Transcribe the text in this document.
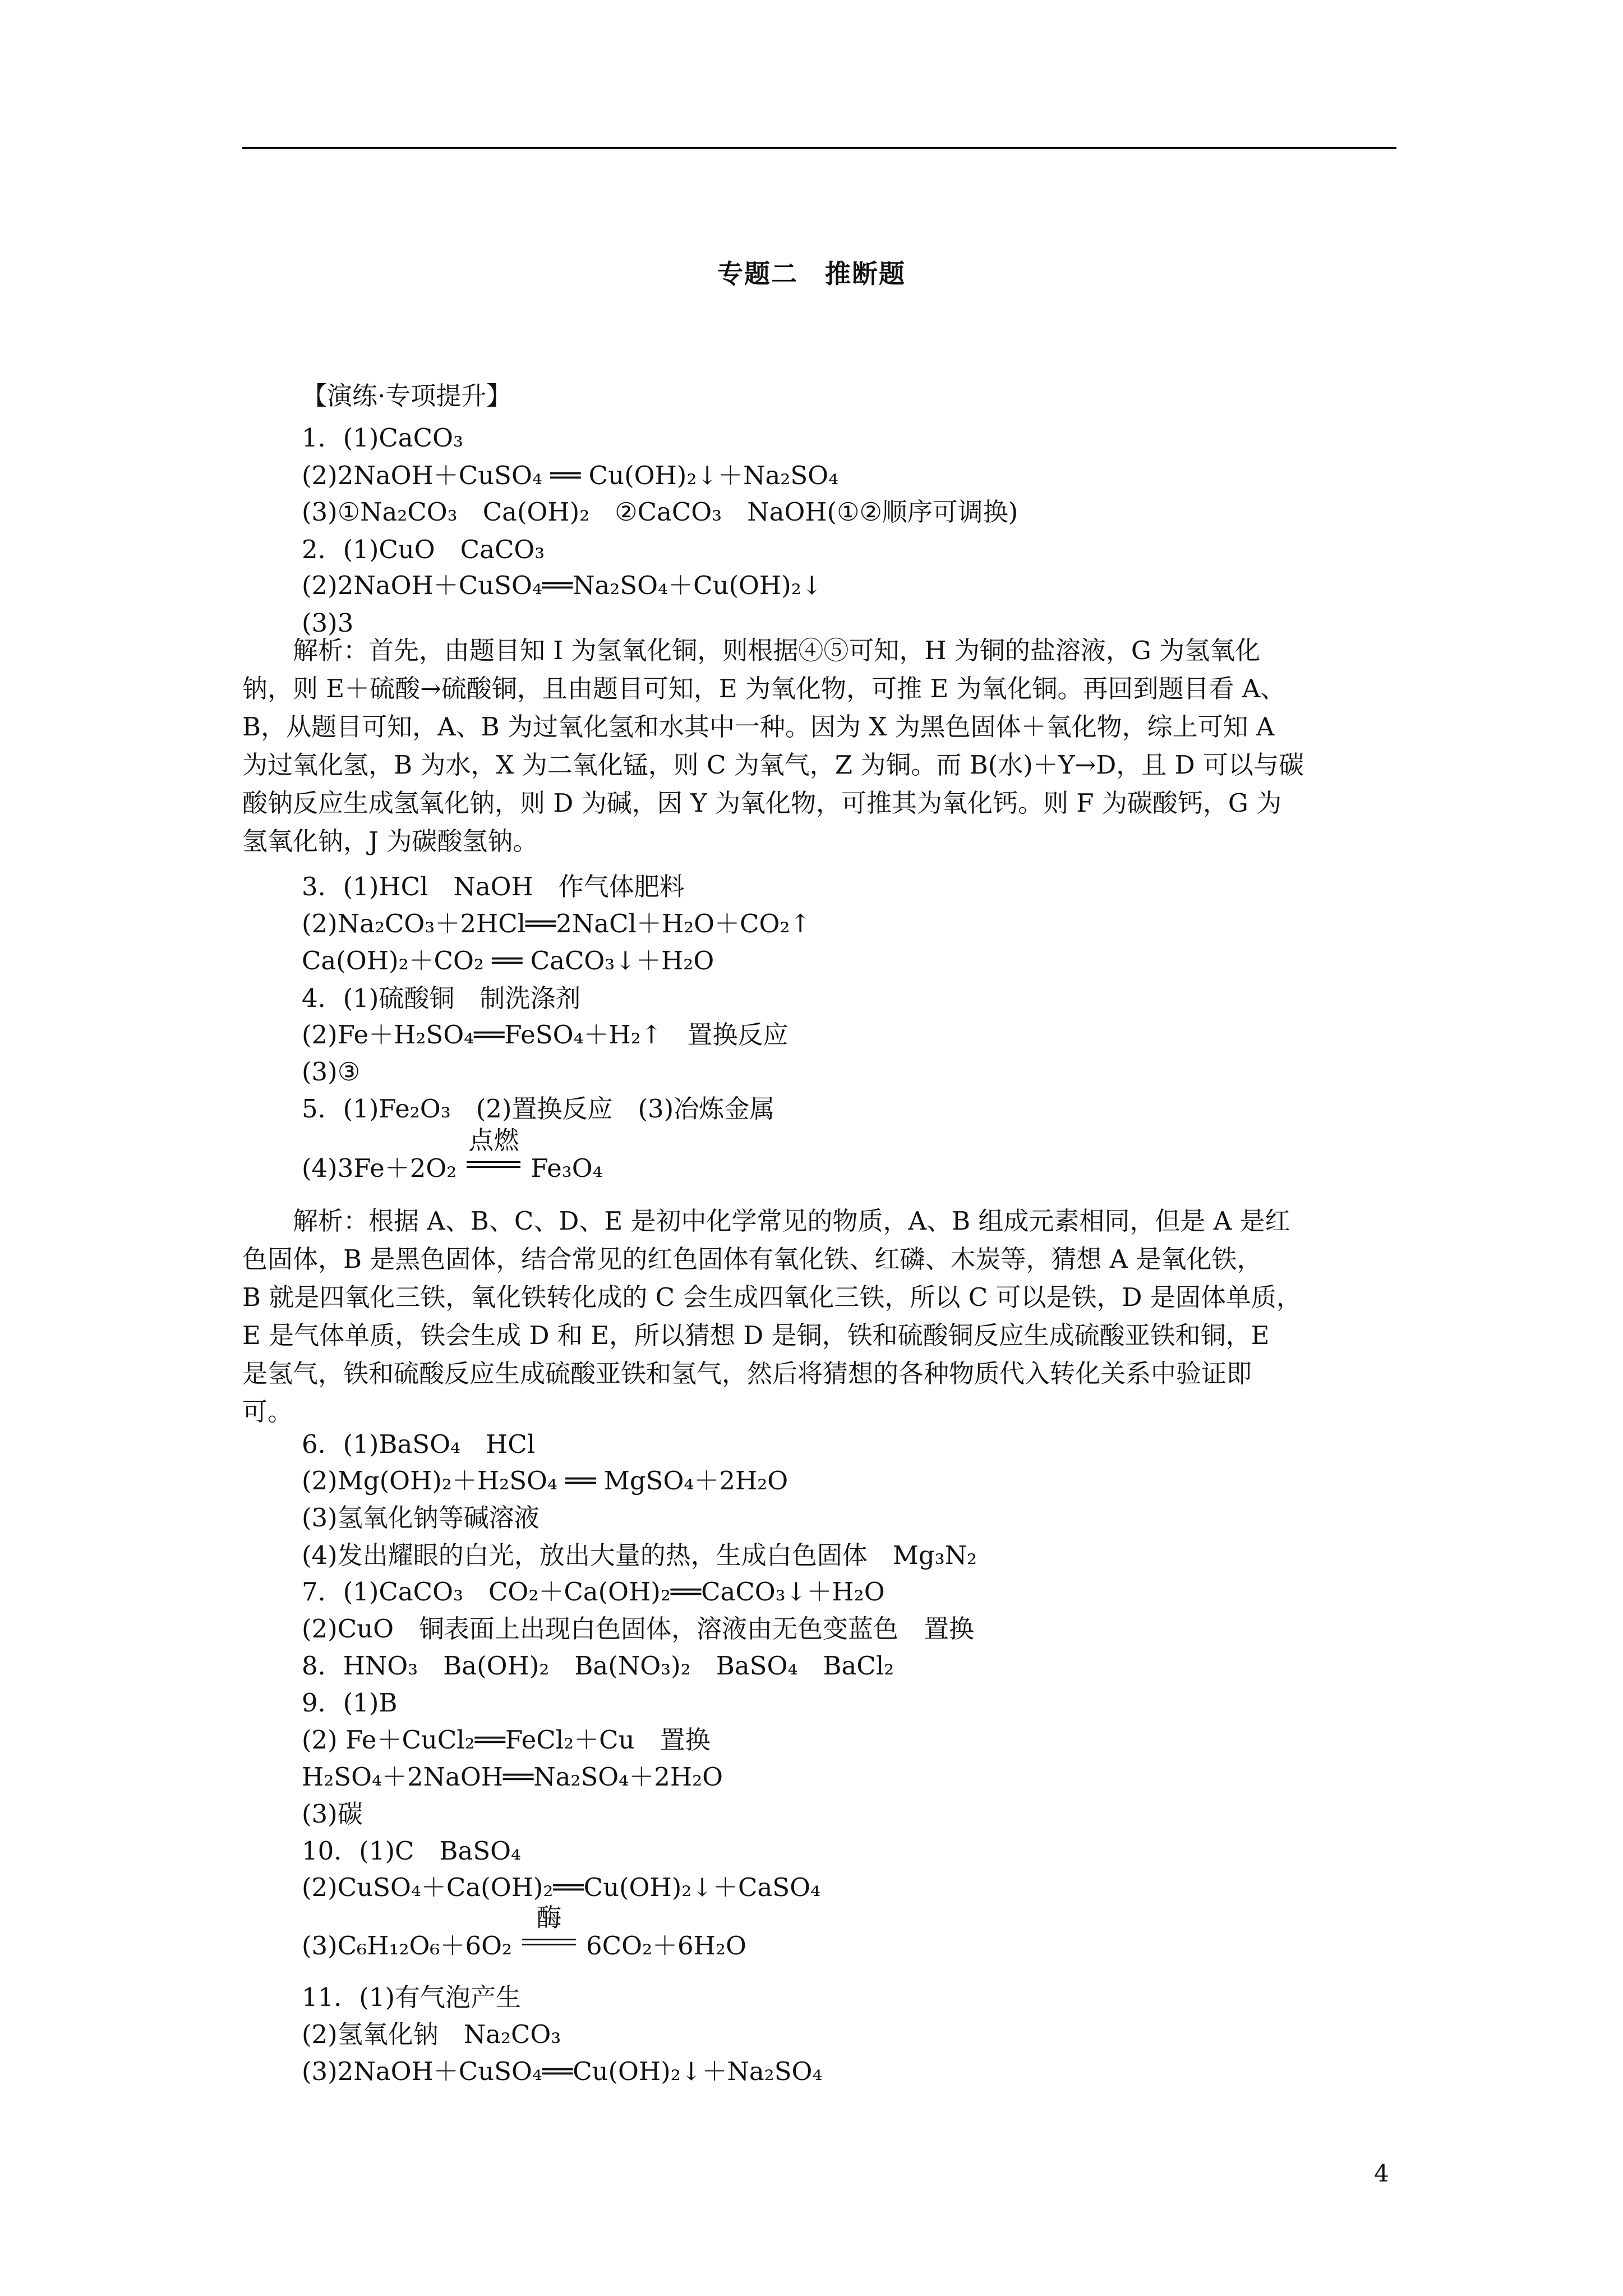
专题二　推断题
【演练·专项提升】
1．(1)CaCO₃
(2)2NaOH＋CuSO₄ ══ Cu(OH)₂↓＋Na₂SO₄
(3)①Na₂CO₃　Ca(OH)₂　②CaCO₃　NaOH(①②顺序可调换)
2．(1)CuO　CaCO₃
(2)2NaOH＋CuSO₄══Na₂SO₄＋Cu(OH)₂↓
(3)3
3．(1)HCl　NaOH　作气体肥料
(2)Na₂CO₃＋2HCl══2NaCl＋H₂O＋CO₂↑
Ca(OH)₂＋CO₂ ══ CaCO₃↓＋H₂O
4．(1)硫酸铜　制洗涤剂
(2)Fe＋H₂SO₄══FeSO₄＋H₂↑　置换反应
(3)③
5．(1)Fe₂O₃　(2)置换反应　(3)冶炼金属
6．(1)BaSO₄　HCl
(2)Mg(OH)₂＋H₂SO₄ ══ MgSO₄＋2H₂O
(3)氢氧化钠等碱溶液
(4)发出耀眼的白光，放出大量的热，生成白色固体　Mg₃N₂
7．(1)CaCO₃　CO₂＋Ca(OH)₂══CaCO₃↓＋H₂O
(2)CuO　铜表面上出现白色固体，溶液由无色变蓝色　置换
8．HNO₃　Ba(OH)₂　Ba(NO₃)₂　BaSO₄　BaCl₂
9．(1)B
(2) Fe＋CuCl₂══FeCl₂＋Cu　置换
H₂SO₄＋2NaOH══Na₂SO₄＋2H₂O
(3)碳
10．(1)C　BaSO₄
(2)CuSO₄＋Ca(OH)₂══Cu(OH)₂↓＋CaSO₄
11．(1)有气泡产生
(2)氢氧化钠　Na₂CO₃
(3)2NaOH＋CuSO₄══Cu(OH)₂↓＋Na₂SO₄
　　解析：首先，由题目知 I 为氢氧化铜，则根据④⑤可知，H 为铜的盐溶液，G 为氢氧化
钠，则 E＋硫酸→硫酸铜，且由题目可知，E 为氧化物，可推 E 为氧化铜。再回到题目看 A、
B，从题目可知，A、B 为过氧化氢和水其中一种。因为 X 为黑色固体＋氧化物，综上可知 A
为过氧化氢，B 为水，X 为二氧化锰，则 C 为氧气，Z 为铜。而 B(水)＋Y→D，且 D 可以与碳
酸钠反应生成氢氧化钠，则 D 为碱，因 Y 为氧化物，可推其为氧化钙。则 F 为碳酸钙，G 为
氢氧化钠，J 为碳酸氢钠。
(4)3Fe＋2O₂
点燃
Fe₃O₄
　　解析：根据 A、B、C、D、E 是初中化学常见的物质，A、B 组成元素相同，但是 A 是红
色固体，B 是黑色固体，结合常见的红色固体有氧化铁、红磷、木炭等，猜想 A 是氧化铁，
B 就是四氧化三铁，氧化铁转化成的 C 会生成四氧化三铁，所以 C 可以是铁，D 是固体单质，
E 是气体单质，铁会生成 D 和 E，所以猜想 D 是铜，铁和硫酸铜反应生成硫酸亚铁和铜，E
是氢气，铁和硫酸反应生成硫酸亚铁和氢气，然后将猜想的各种物质代入转化关系中验证即
可。
(3)C₆H₁₂O₆＋6O₂
酶
6CO₂＋6H₂O
4
